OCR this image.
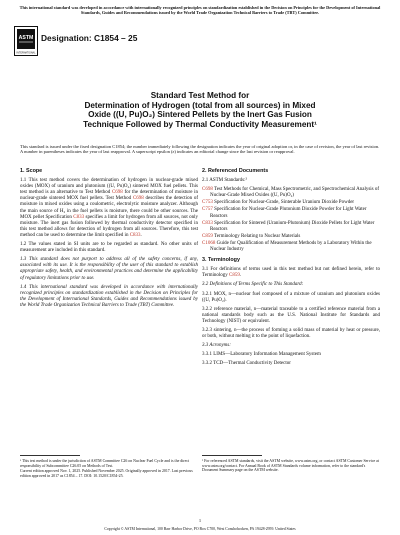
This international standard was developed in accordance with internationally recognized principles on standardization established in the Decision on Principles for the Development of International Standards, Guides and Recommendations issued by the World Trade Organization Technical Barriers to Trade (TBT) Committee.
ASTM
INTERNATIONAL
Designation: C1854 – 25
Standard Test Method for
Determination of Hydrogen (total from all sources) in Mixed
Oxide ((U, Pu)O₂) Sintered Pellets by the Inert Gas Fusion
Technique Followed by Thermal Conductivity Measurement¹
This standard is issued under the fixed designation C1854; the number immediately following the designation indicates the year of original adoption or, in the case of revision, the year of last revision. A number in parentheses indicates the year of last reapproval. A superscript epsilon (ε) indicates an editorial change since the last revision or reapproval.
1. Scope
1.1 This test method covers the determination of hydrogen in nuclear-grade mixed oxides (MOX) of uranium and plutonium ((U, Pu)O₂) sintered MOX fuel pellets. This test method is an alternative to Test Method C698 for the determination of moisture in nuclear-grade sintered MOX fuel pellets. Test Method C698 describes the detection of moisture in mixed oxides using a coulometric, electrolytic moisture analyzer. Although the main source of H₂ in the fuel pellets is moisture, there could be other sources. The MOX pellet Specification C833 specifies a limit for hydrogen from all sources, not only moisture. The inert gas fusion followed by thermal conductivity detector specified in this test method allows for detection of hydrogen from all sources. Therefore, this test method can be used to determine the limit specified in C833.
1.2 The values stated in SI units are to be regarded as standard. No other units of measurement are included in this standard.
1.3 This standard does not purport to address all of the safety concerns, if any, associated with its use. It is the responsibility of the user of this standard to establish appropriate safety, health, and environmental practices and determine the applicability of regulatory limitations prior to use.
1.4 This international standard was developed in accordance with internationally recognized principles on standardization established in the Decision on Principles for the Development of International Standards, Guides and Recommendations issued by the World Trade Organization Technical Barriers to Trade (TBT) Committee.
2. Referenced Documents
2.1 ASTM Standards:²
C698 Test Methods for Chemical, Mass Spectrometric, and Spectrochemical Analysis of Nuclear-Grade Mixed Oxides ((U, Pu)O₂)
C753 Specification for Nuclear-Grade, Sinterable Uranium Dioxide Powder
C757 Specification for Nuclear-Grade Plutonium Dioxide Powder for Light Water Reactors
C833 Specification for Sintered (Uranium-Plutonium) Dioxide Pellets for Light Water Reactors
C859 Terminology Relating to Nuclear Materials
C1068 Guide for Qualification of Measurement Methods by a Laboratory Within the Nuclear Industry
3. Terminology
3.1 For definitions of terms used in this test method but not defined herein, refer to Terminology C859.
3.2 Definitions of Terms Specific to This Standard:
3.2.1 MOX, n—nuclear fuel composed of a mixture of uranium and plutonium oxides ((U, Pu)O₂).
3.2.2 reference material, n—material traceable to a certified reference material from a national standards body such as the U.S. National Institute for Standards and Technology (NIST) or equivalent.
3.2.3 sintering, n—the process of forming a solid mass of material by heat or pressure, or both, without melting it to the point of liquefaction.
3.3 Acronyms:
3.3.1 LIMS—Laboratory Information Management System
3.3.2 TCD—Thermal Conductivity Detector
¹ This test method is under the jurisdiction of ASTM Committee C26 on Nuclear Fuel Cycle and is the direct responsibility of Subcommittee C26.05 on Methods of Test.
Current edition approved Nov. 1, 2025. Published November 2025. Originally approved in 2017. Last previous edition approved in 2017 as C1854 – 17. DOI: 10.1520/C1854-25.
² For referenced ASTM standards, visit the ASTM website, www.astm.org, or contact ASTM Customer Service at www.astm.org/contact. For Annual Book of ASTM Standards volume information, refer to the standard's Document Summary page on the ASTM website.
1
Copyright © ASTM International, 100 Barr Harbor Drive, PO Box C700, West Conshohocken, PA 19428-2959. United States
